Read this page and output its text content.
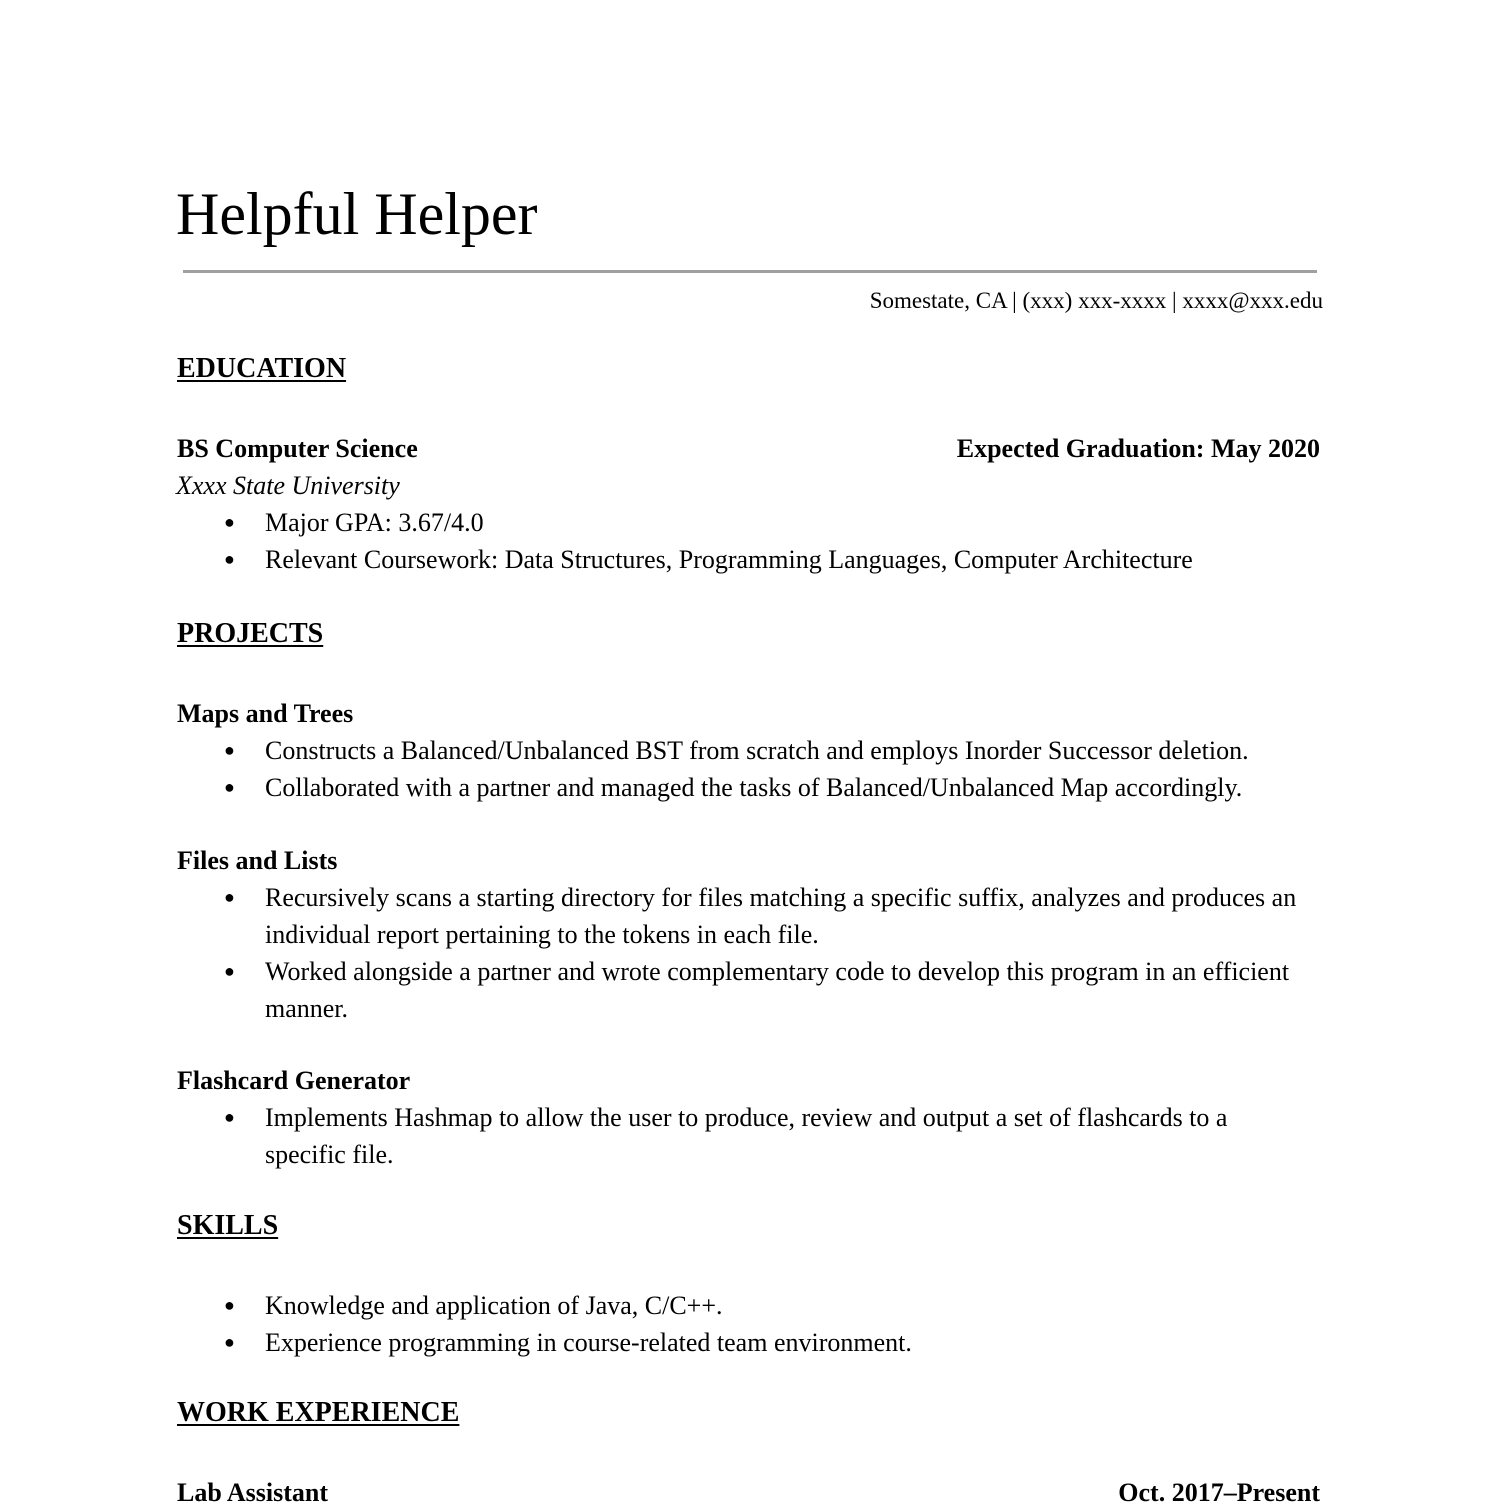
Helpful Helper
Somestate, CA | (xxx) xxx-xxxx | xxxx@xxx.edu
EDUCATION
BS Computer Science	Expected Graduation: May 2020
Xxxx State University
● Major GPA: 3.67/4.0
● Relevant Coursework: Data Structures, Programming Languages, Computer Architecture
PROJECTS
Maps and Trees
● Constructs a Balanced/Unbalanced BST from scratch and employs Inorder Successor deletion.
● Collaborated with a partner and managed the tasks of Balanced/Unbalanced Map accordingly.
Files and Lists
● Recursively scans a starting directory for files matching a specific suffix, analyzes and produces an individual report pertaining to the tokens in each file.
● Worked alongside a partner and wrote complementary code to develop this program in an efficient manner.
Flashcard Generator
● Implements Hashmap to allow the user to produce, review and output a set of flashcards to a specific file.
SKILLS
● Knowledge and application of Java, C/C++.
● Experience programming in course-related team environment.
WORK EXPERIENCE
Lab Assistant	Oct. 2017–Present
